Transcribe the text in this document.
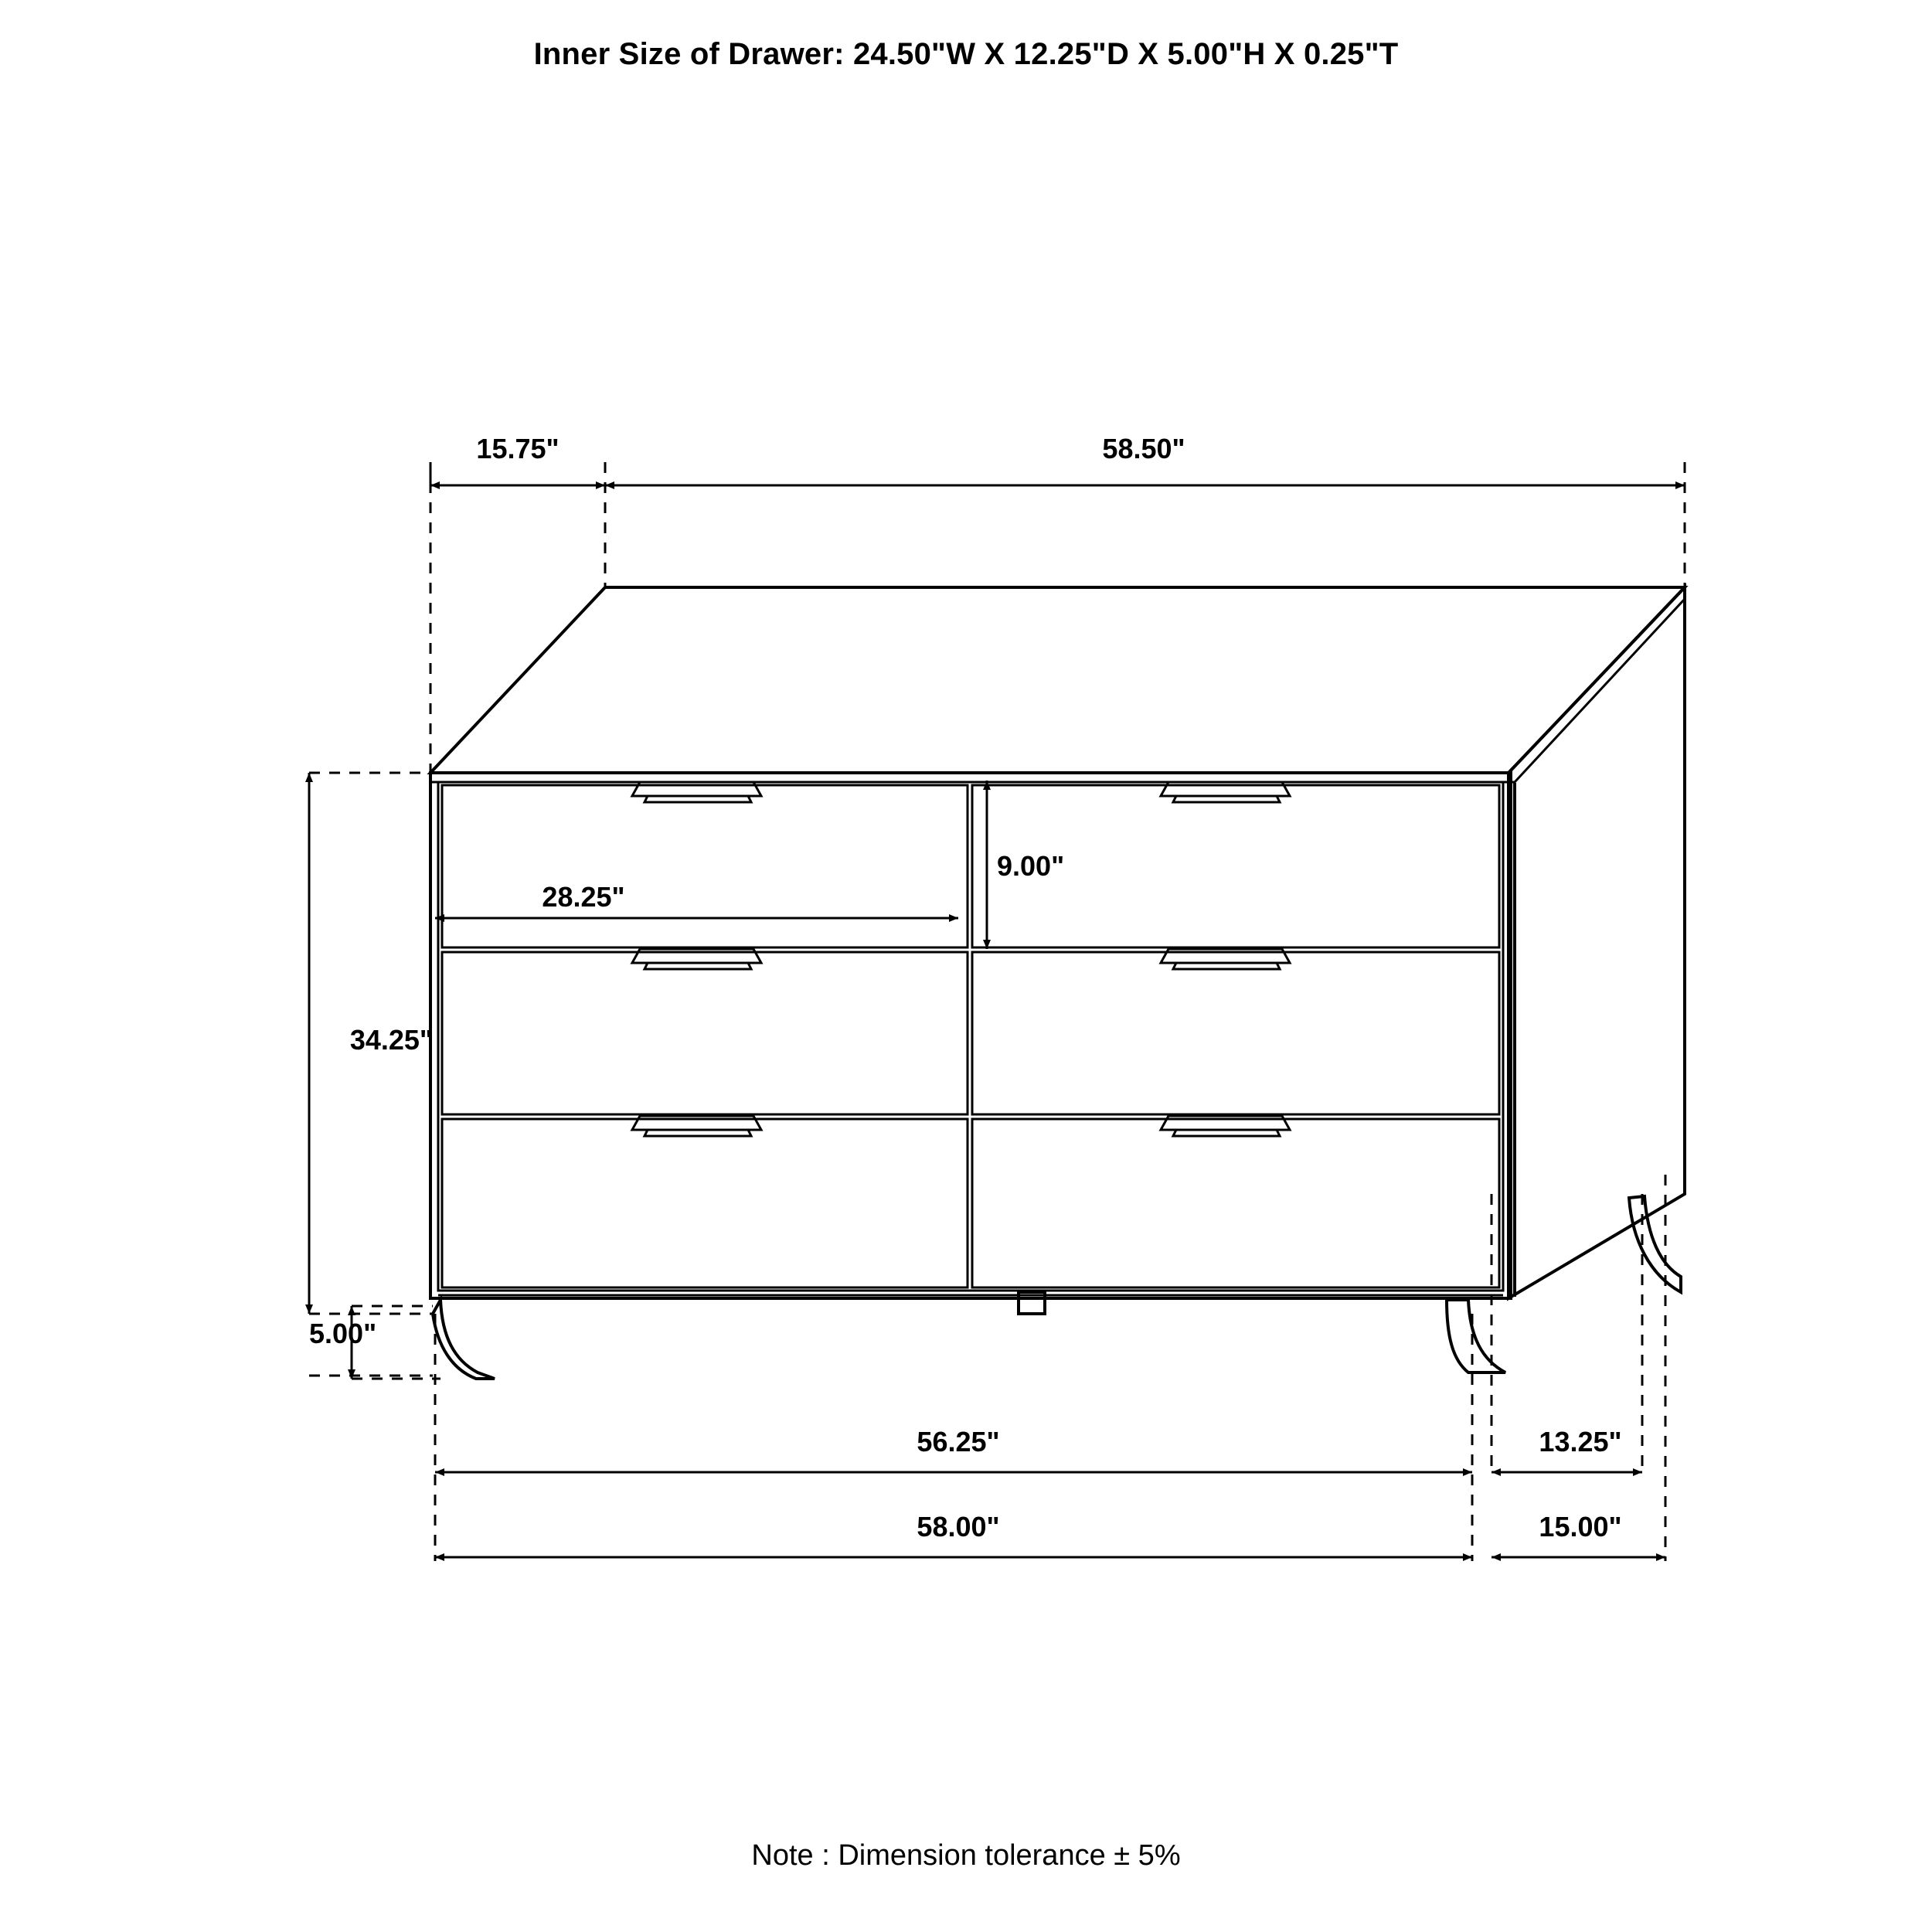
Inner Size of Drawer: 24.50"W X 12.25"D X 5.00"H X 0.25"T
15.75"	58.50"
9.00"
28.25"
34.25"
5.00"
56.25"	13.25"
58.00"	15.00"
Note : Dimension tolerance ± 5%
